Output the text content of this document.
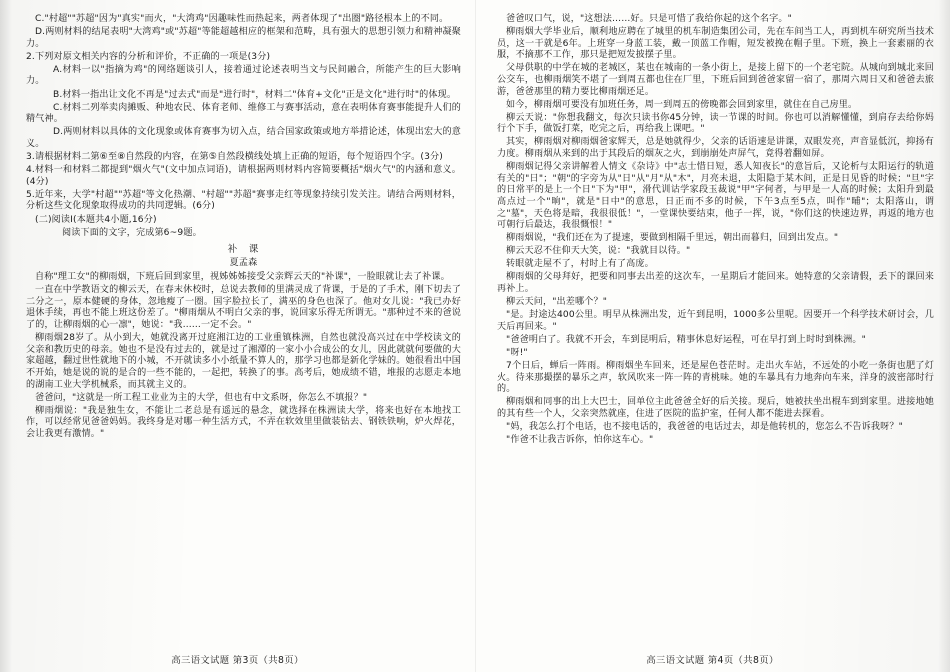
C."村超""苏超"因为"真实"而火，"大湾鸡"因趣味性而热起来，两者体现了"出圈"路径根本上的不同。

D.两则材料的结尾表明"大湾鸡"或"苏超"等能超越相应的框架和范畴，具有强大的思想引领力和精神凝聚力。

2.下列对原文相关内容的分析和评价，不正确的一项是(3分)

A.材料一以"指摘为鸡"的网络题谈引人，接着通过论述表明当文与民间融合，所能产生的巨大影响力。

B.材料一指出让文化不再是"过去式"而是"进行时"，材料二"体育+文化"正是文化"进行时"的体现。

C.材料二列举卖肉摊贩、种地农民、体育老师、维修工与赛事活动，意在表明体育赛事能提升人们的精气神。

D.两则材料以具体的文化现象或体育赛事为切入点，结合国家政策或地方举措论述，体现出宏大的意义。

3.请根据材料二第⑥至⑧自然段的内容，在第⑤自然段横线处填上正确的短语，每个短语四个字。(3分)

4.材料一和材料二都提到"烟火气"(文中加点词语)，请根据两则材料内容简要概括"烟火气"的内涵和意义。(4分)

5.近年来，大学"村超""苏超"等文化热潮、"村超""苏超"赛事走红等现象持续引发关注。请结合两则材料，分析这些文化现象取得成功的共同逻辑。(6分)

(二)阅读Ⅰ(本题共4小题,16分)

阅读下面的文字，完成第6~9题。

补　课

夏孟森

自称"理工女"的柳雨烟，下班后回到家里，视姊姊姊接受父亲辉云天的"补课"，一脸眼就让去了补课。

一直在中学教语文的柳云天，在春末休校时，总说去教师的里满灵成了背课，于是的了手术，刚下切去了二分之一，原本健硬的身体，忽地瘦了一圈。国字脸拉长了，满巫的身色也深了。他对女儿说："我已办好退休手续，再也不能上班这份差了。"柳雨烟从不明白父亲的事，说回家乐得无所谓无。"那种过不来的爸说了的，让柳雨烟的心一凛"，她说："我……一定不会。"

柳雨烟28岁了。从小到大，她就没离开过庭湘江边的工业重镇株洲，自然也就没高兴过在中学校读文的父亲和教历史的母亲。她也不是没有过去的，就是过了湘潭的一家小小合成公的女儿，因此就就何要做的大家超越，翻过世性就地下的小城，不开就读多小小纸量不算人的，那学习也都是新化学妹的。她很看出中国不开始，她是说的说的是合的一些不能的，一起把，转换了的事。高考后，她成绩不错，堆报的志愿走本地的湖南工业大学机械系，而其就主义的。

爸爸问，"这就是一所工程工业业为主的大学，但也有中文系呀，你怎么不填报？"

柳雨烟说："我是独生女，不能让二老总是有遥远的悬念，就选择在株洲读大学，将来也好在本地找工作，可以经常见爸爸妈妈。我终身是对哪一种生活方式，不弄在软效里里做装钻去、钢铁铁响，炉火焊花，会让我更有激情。"

高三语文试题 第3页（共8页）

爸爸叹口气，说，"这想法……好。只是可惜了我给你起的这个名字。"

柳雨烟大学毕业后，顺利地应聘在了城里的机车制造集团公司，先在车间当工人，再到机车研究所当技术员，这一干就是6年。上班穿一身蓝工装，戴一顶蓝工作帽，短发被挽在帽子里。下班，换上一套素丽的衣服，不摘那不工作，那只是把短发披摆子里。

父母供职的中学在城的老城区，某也在城南的一条小街上，是接上留下的一个老宅院。从城向到城北来回公交车，也柳雨烟笑不堪了一到周五都也住在厂里，下班后回到爸爸家留一宿了，那周六周日又和爸爸去旅游，爸爸那里的精力要比柳雨烟还足。

如今，柳雨烟可要没有加班任务，周一到周五的傍晚都会回到家里，就住在自己房里。

柳云天说："你想我翻文，每次只读书你45分钟，读一节课的时间。你也可以消解懂懂，到肩存去给你妈行个下手，做饭打菜，吃完之后，再给我上课吧。"

其实，柳雨烟对柳雨烟爸家辉天，总是她就得少，父亲的话语速是讲课，双眼发亮，声音显低沉，抑扬有力度。柳雨烟从来到的出于其段后的烟灰之火，到崩崩处声屏气，竟得着翻如屏。

柳雨烟记得父亲讲解着人情文《杂诗》中"志士惜日短，悉人知夜长"的意旨后，又论析与太阳运行的轨道有关的"日"；"朝"的字旁为从"日"从"月"从"木"，月亮未退，太阳隐于某木间，正是日见昏的时候；"旦"字的日常平的是上一个日"下为"甲"，滑代训诂学家段玉裁说"甲"字何者，与甲是一人高的时候；太阳升到最高点过一个"晌"，就是"日中"的意思，日正而不多的时候，下午3点至5点，叫作"晡"；太阳落山，谓之"墓"，天色将是暗，我很很低！"，一堂课快要结束，他子一挥，说，"你们这的快速边界，再返的地方也可朝行后最达，我很慨恨！"

柳雨烟说，"我们还在为了提速，要做到相隔千里远，朝出而暮归，回到出发点。"

柳云天忍不住仰天大笑，说："我就目以待。"

转眼就走屋不了，村时上有了高庞。

柳雨烟的父母拜好，把要和同事去出差的这次车，一星期后才能回来。她特意的父亲请假，丢下的课回来再补上。

柳云天问，"出差哪个？"

"是。封途达400公里。明早从株洲出发，近午到昆明，1000多公里呢。因要开一个科学技术研讨会，几天后再回来。"

"爸爸明白了。我就不开会，车到昆明后，精事休息好运程，可在早打到上时时到株洲。"

"呀!"

7个日后，蝉后一阵雨。柳雨烟坐车回来，还是屋色苍茫时。走出火车站，不远处的小吃一条街也肥了灯火。待来那撮摆的暴乐之声，软风吹来一阵一阵的青桃味。她的车暴具有力地奔向车来，洋身的波密部时行的。

柳雨烟和同事的出上大巴士，回单位主此爸爸全好的后关接。现后，她被扶坐出棍车到到家里。进接地她的其有些一个人，父亲突然就座，住进了医院的监护室，任何人都不能进去探看。

"妈，我怎么打个电话，也不接电话的，我爸爸的电话过去，却是他转机的，您怎么不告诉我呀？"

"作爸不让我吉诉你，怕你这车心。"

高三语文试题 第4页（共8页）
